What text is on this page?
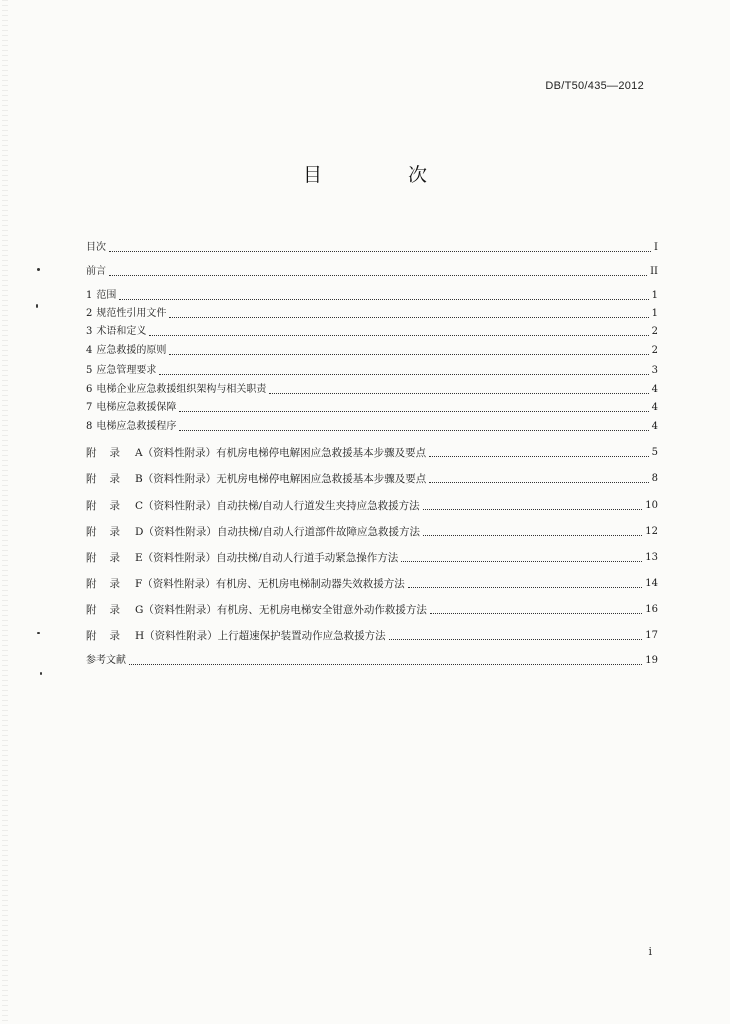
DB/T50/435—2012
目 次
目次	I
前言	II
1 范围	1
2 规范性引用文件	1
3 术语和定义	2
4 应急救援的原则	2
5 应急管理要求	3
6 电梯企业应急救援组织架构与相关职责	4
7 电梯应急救援保障	4
8 电梯应急救援程序	4
附录 A（资料性附录）有机房电梯停电解困应急救援基本步骤及要点	5
附录 B（资料性附录）无机房电梯停电解困应急救援基本步骤及要点	8
附录 C（资料性附录）自动扶梯/自动人行道发生夹持应急救援方法	10
附录 D（资料性附录）自动扶梯/自动人行道部件故障应急救援方法	12
附录 E（资料性附录）自动扶梯/自动人行道手动紧急操作方法	13
附录 F（资料性附录）有机房、无机房电梯制动器失效救援方法	14
附录 G（资料性附录）有机房、无机房电梯安全钳意外动作救援方法	16
附录 H（资料性附录）上行超速保护装置动作应急救援方法	17
参考文献	19
i
